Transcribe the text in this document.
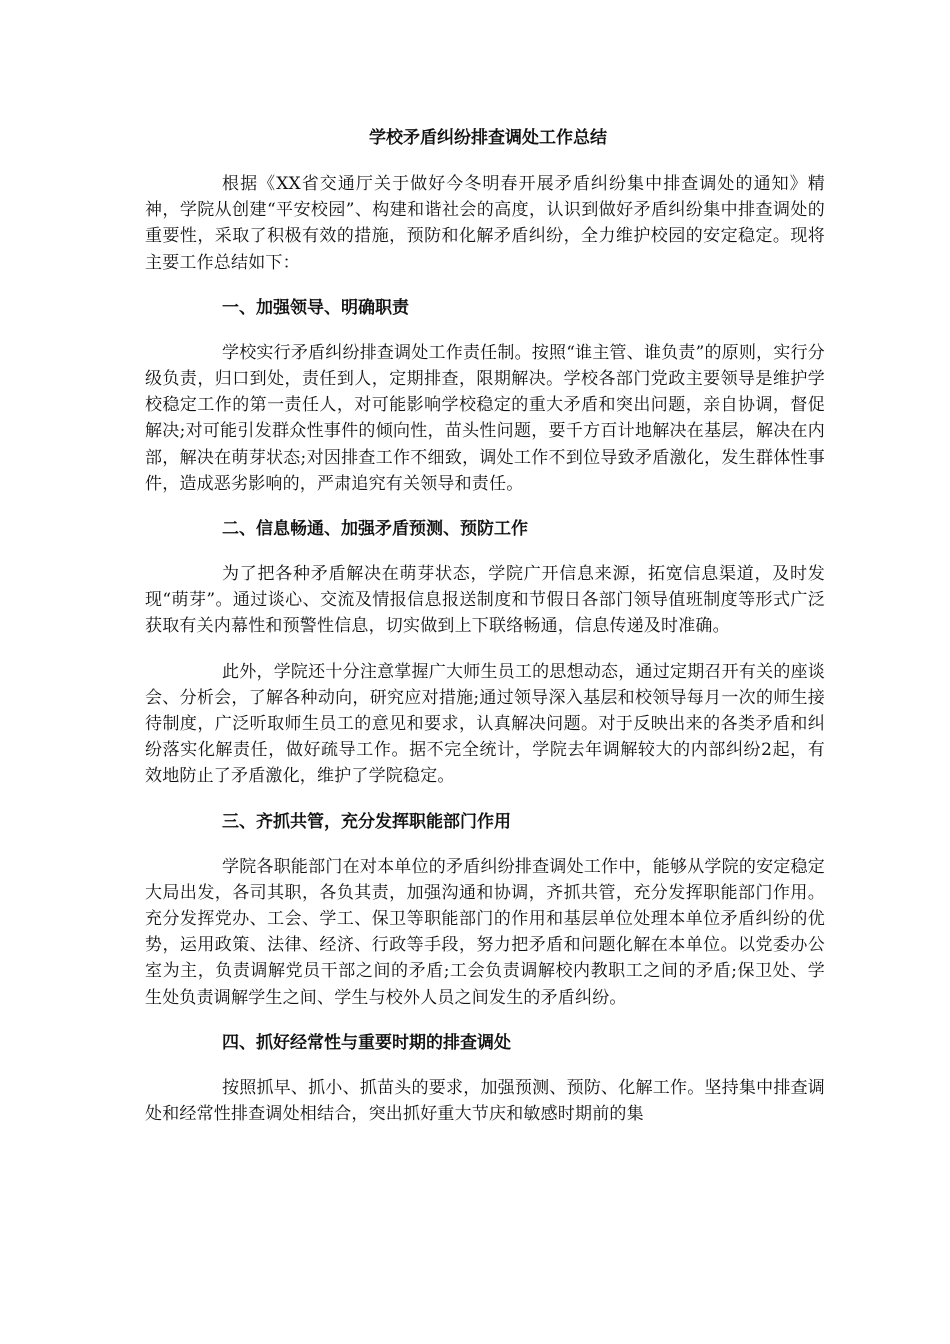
学校矛盾纠纷排查调处工作总结

根据《XX省交通厅关于做好今冬明春开展矛盾纠纷集中排查调处的通知》精神，学院从创建“平安校园”、构建和谐社会的高度，认识到做好矛盾纠纷集中排查调处的重要性，采取了积极有效的措施，预防和化解矛盾纠纷，全力维护校园的安定稳定。现将主要工作总结如下：

一、加强领导、明确职责

学校实行矛盾纠纷排查调处工作责任制。按照“谁主管、谁负责”的原则，实行分级负责，归口到处，责任到人，定期排查，限期解决。学校各部门党政主要领导是维护学校稳定工作的第一责任人，对可能影响学校稳定的重大矛盾和突出问题，亲自协调，督促解决;对可能引发群众性事件的倾向性，苗头性问题，要千方百计地解决在基层，解决在内部，解决在萌芽状态;对因排查工作不细致，调处工作不到位导致矛盾激化，发生群体性事件，造成恶劣影响的，严肃追究有关领导和责任。

二、信息畅通、加强矛盾预测、预防工作

为了把各种矛盾解决在萌芽状态，学院广开信息来源，拓宽信息渠道，及时发现“萌芽”。通过谈心、交流及情报信息报送制度和节假日各部门领导值班制度等形式广泛获取有关内幕性和预警性信息，切实做到上下联络畅通，信息传递及时准确。

此外，学院还十分注意掌握广大师生员工的思想动态，通过定期召开有关的座谈会、分析会，了解各种动向，研究应对措施;通过领导深入基层和校领导每月一次的师生接待制度，广泛听取师生员工的意见和要求，认真解决问题。对于反映出来的各类矛盾和纠纷落实化解责任，做好疏导工作。据不完全统计，学院去年调解较大的内部纠纷2起，有效地防止了矛盾激化，维护了学院稳定。

三、齐抓共管，充分发挥职能部门作用

学院各职能部门在对本单位的矛盾纠纷排查调处工作中，能够从学院的安定稳定大局出发，各司其职，各负其责，加强沟通和协调，齐抓共管，充分发挥职能部门作用。充分发挥党办、工会、学工、保卫等职能部门的作用和基层单位处理本单位矛盾纠纷的优势，运用政策、法律、经济、行政等手段，努力把矛盾和问题化解在本单位。以党委办公室为主，负责调解党员干部之间的矛盾;工会负责调解校内教职工之间的矛盾;保卫处、学生处负责调解学生之间、学生与校外人员之间发生的矛盾纠纷。

四、抓好经常性与重要时期的排查调处

按照抓早、抓小、抓苗头的要求，加强预测、预防、化解工作。坚持集中排查调处和经常性排查调处相结合，突出抓好重大节庆和敏感时期前的集
